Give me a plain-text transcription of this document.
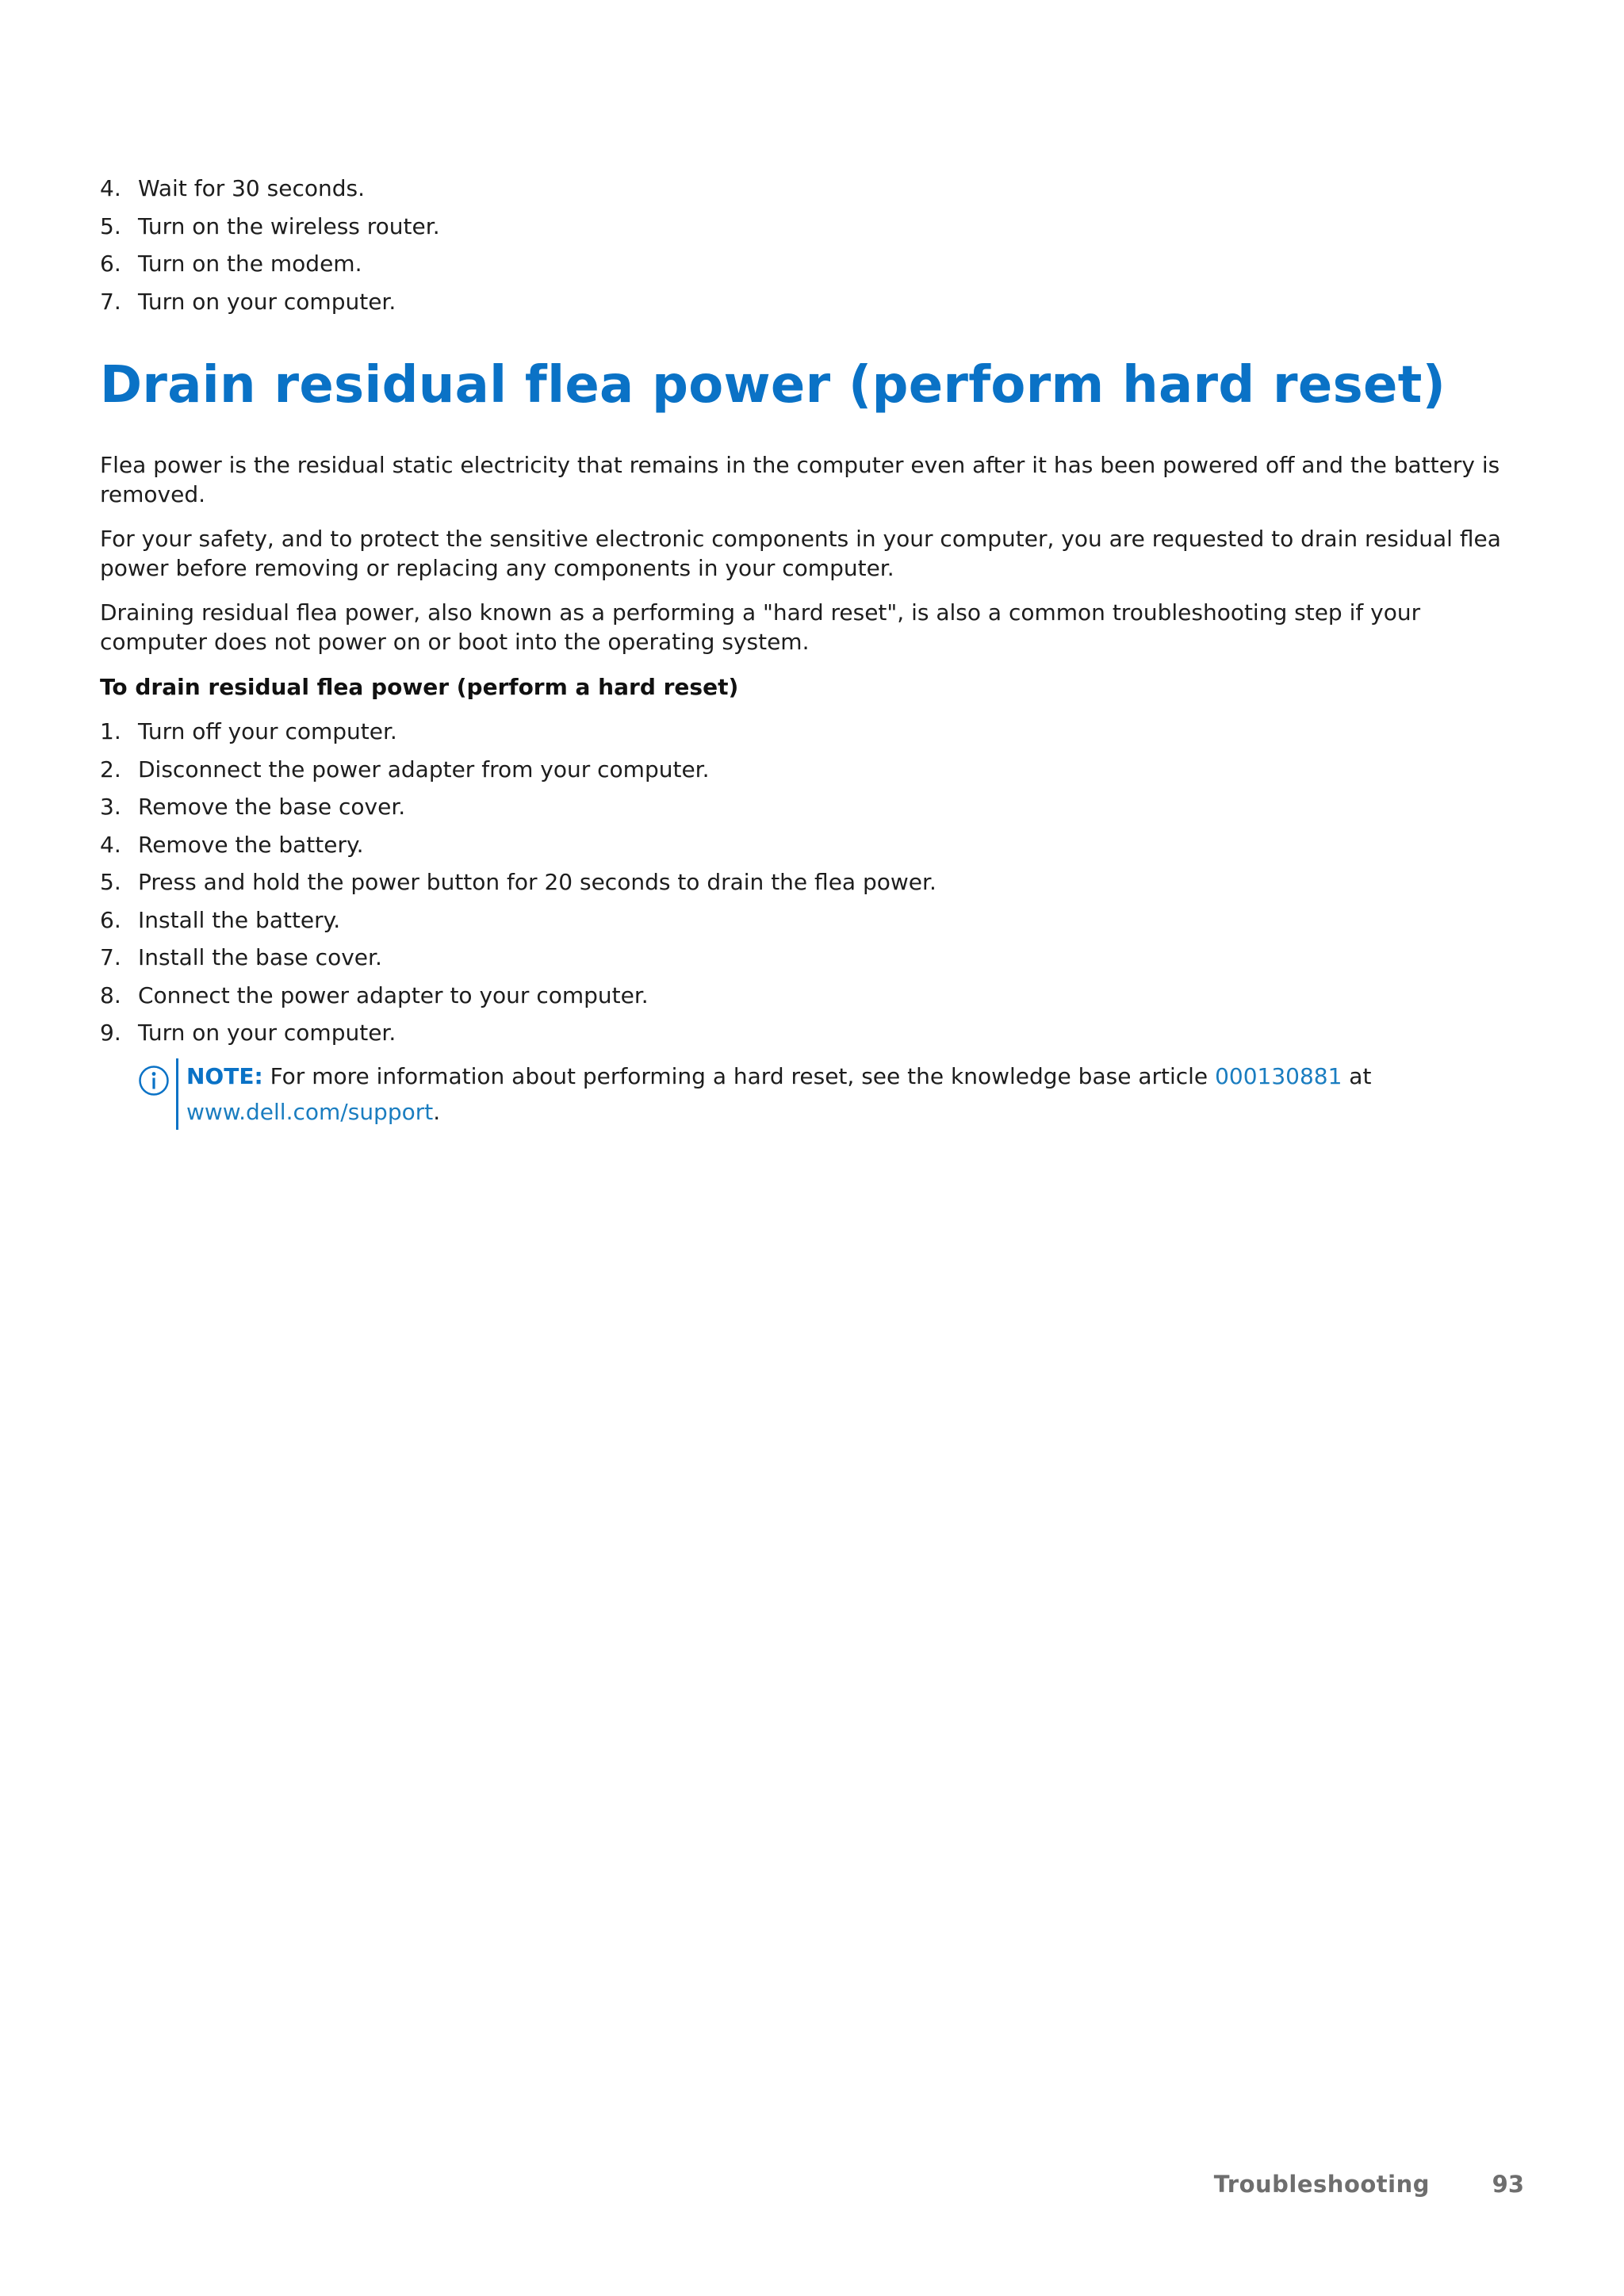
4. Wait for 30 seconds.
5. Turn on the wireless router.
6. Turn on the modem.
7. Turn on your computer.
Drain residual flea power (perform hard reset)

Flea power is the residual static electricity that remains in the computer even after it has been powered off and the battery is removed.

For your safety, and to protect the sensitive electronic components in your computer, you are requested to drain residual flea power before removing or replacing any components in your computer.

Draining residual flea power, also known as a performing a "hard reset", is also a common troubleshooting step if your computer does not power on or boot into the operating system.

To drain residual flea power (perform a hard reset)
1. Turn off your computer.
2. Disconnect the power adapter from your computer.
3. Remove the base cover.
4. Remove the battery.
5. Press and hold the power button for 20 seconds to drain the flea power.
6. Install the battery.
7. Install the base cover.
8. Connect the power adapter to your computer.
9. Turn on your computer.
NOTE: For more information about performing a hard reset, see the knowledge base article 000130881 at
www.dell.com/support.
Troubleshooting	93
